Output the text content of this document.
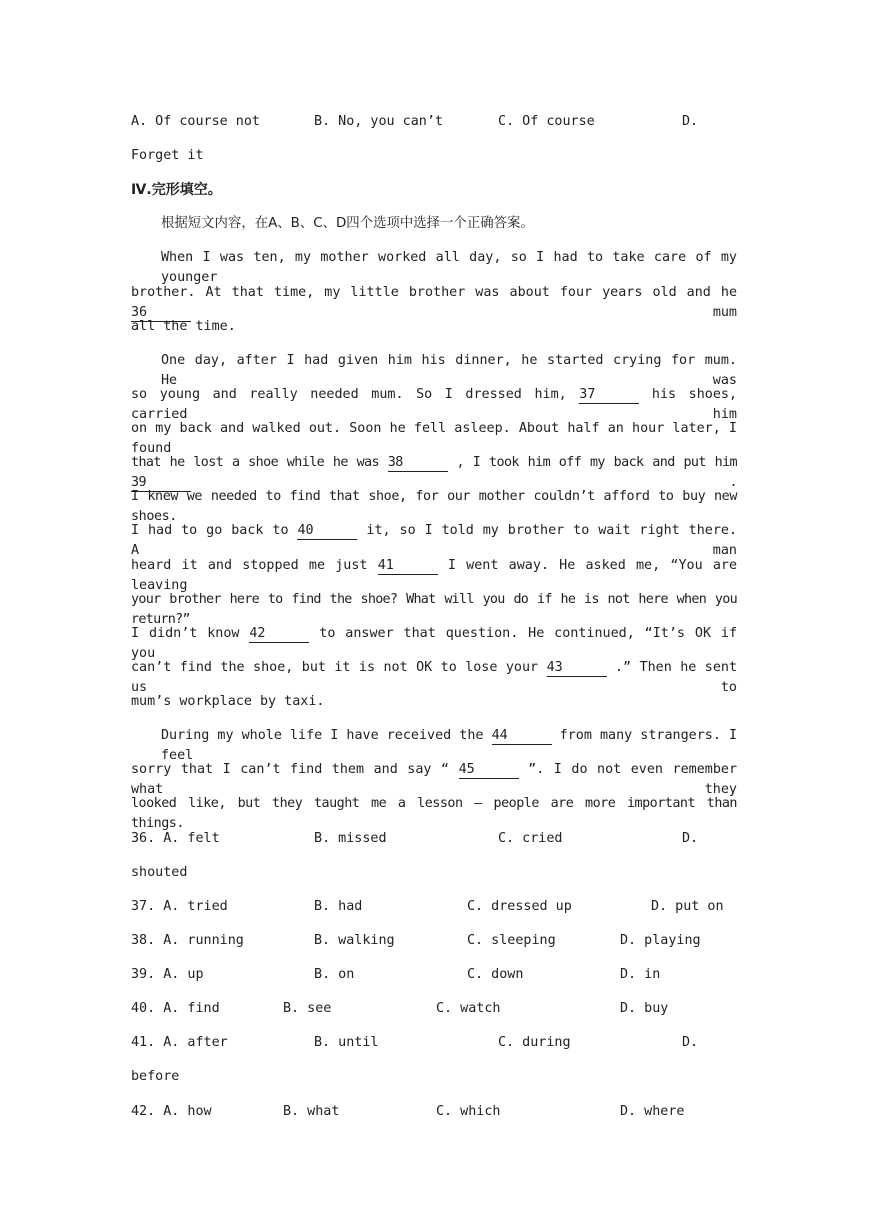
A. Of course not	B. No, you can’t	C. Of course	D.
Forget it
Ⅳ.完形填空。
根据短文内容，在A、B、C、D四个选项中选择一个正确答案。
When I was ten, my mother worked all day, so I had to take care of my younger
brother. At that time, my little brother was about four years old and he 36	mum
all the time.
One day, after I had given him his dinner, he started crying for mum. He was
so young and really needed mum. So I dressed him, 37	his shoes, carried him
on my back and walked out. Soon he fell asleep. About half an hour later, I found
that he lost a shoe while he was 38	, I took him off my back and put him 39	.
I knew we needed to find that shoe, for our mother couldn’t afford to buy new shoes.
I had to go back to 40	it, so I told my brother to wait right there. A man
heard it and stopped me just 41	I went away. He asked me, “You are leaving
your brother here to find the shoe? What will you do if he is not here when you return?”
I didn’t know 42	to answer that question. He continued, “It’s OK if you
can’t find the shoe, but it is not OK to lose your 43	.” Then he sent us to
mum’s workplace by taxi.
During my whole life I have received the 44	from many strangers. I feel
sorry that I can’t find them and say “ 45	”. I do not even remember what they
looked like, but they taught me a lesson — people are more important than things.
36. A. felt	B. missed	C. cried	D.
shouted
37. A. tried	B. had	C. dressed up	D. put on
38. A. running	B. walking	C. sleeping	D. playing
39. A. up	B. on	C. down	D. in
40. A. find	B. see	C. watch	D. buy
41. A. after	B. until	C. during	D.
before
42. A. how	B. what	C. which	D. where
